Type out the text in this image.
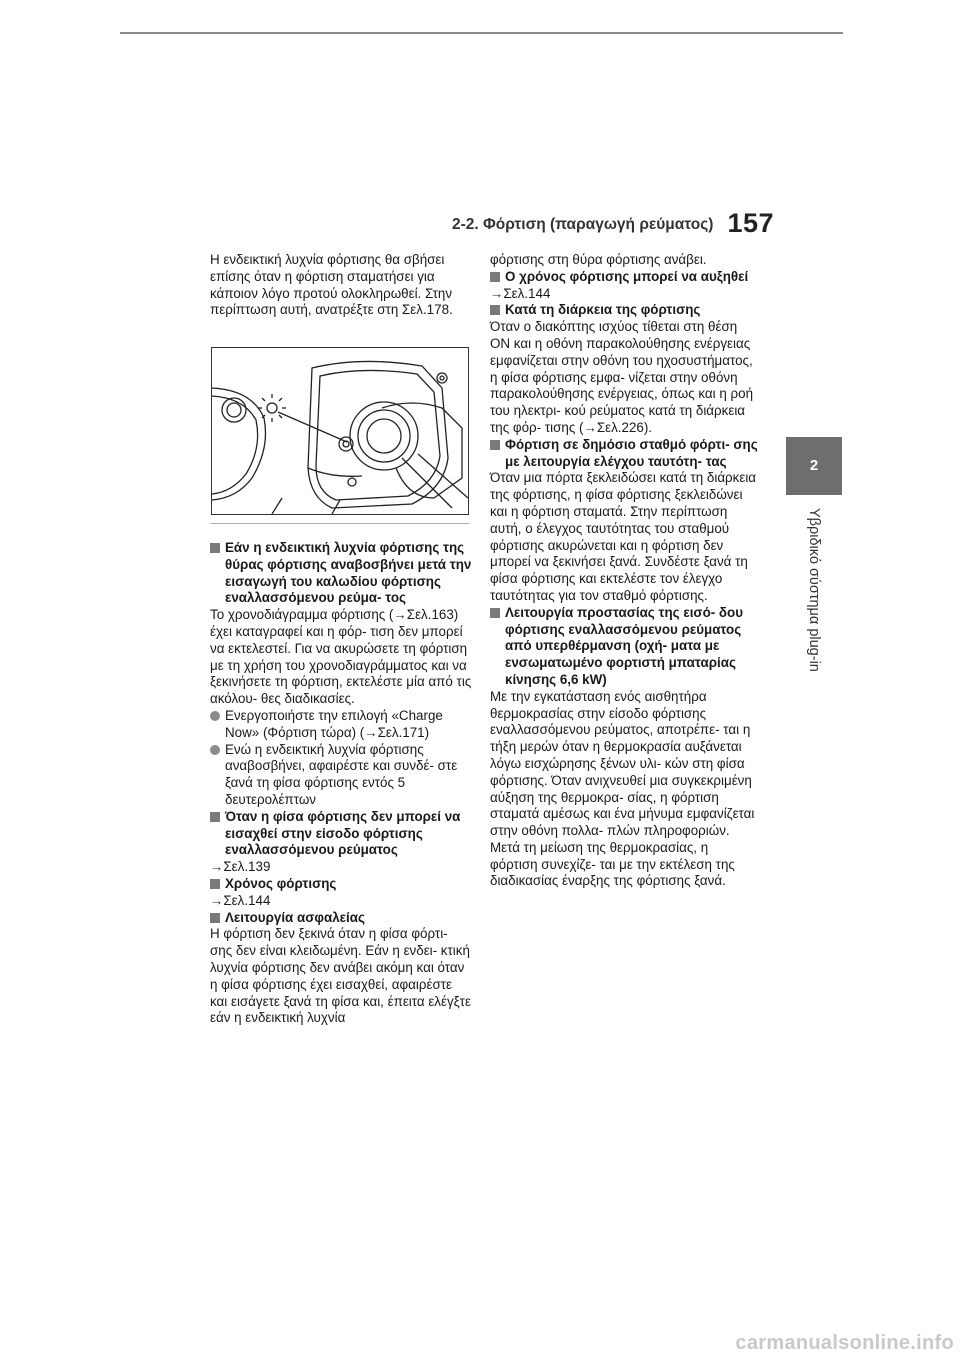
2-2. Φόρτιση (παραγωγή ρεύματος) 157
2
Υβριδικό σύστημα plug-in

Η ενδεικτική λυχνία φόρτισης θα σβήσει επίσης όταν η φόρτιση σταματήσει για κάποιον λόγο προτού ολοκληρωθεί. Στην περίπτωση αυτή, ανατρέξτε στη Σελ.178.

Εάν η ενδεικτική λυχνία φόρτισης της θύρας φόρτισης αναβοσβήνει μετά την εισαγωγή του καλωδίου φόρτισης εναλλασσόμενου ρεύμα- τος

Το χρονοδιάγραμμα φόρτισης (→Σελ.163) έχει καταγραφεί και η φόρ- τιση δεν μπορεί να εκτελεστεί. Για να ακυρώσετε τη φόρτιση με τη χρήση του χρονοδιαγράμματος και να ξεκινήσετε τη φόρτιση, εκτελέστε μία από τις ακόλου- θες διαδικασίες.

Ενεργοποιήστε την επιλογή «Charge Now» (Φόρτιση τώρα) (→Σελ.171)

Ενώ η ενδεικτική λυχνία φόρτισης αναβοσβήνει, αφαιρέστε και συνδέ- στε ξανά τη φίσα φόρτισης εντός 5 δευτερολέπτων

Όταν η φίσα φόρτισης δεν μπορεί να εισαχθεί στην είσοδο φόρτισης εναλλασσόμενου ρεύματος

→Σελ.139

Χρόνος φόρτισης

→Σελ.144

Λειτουργία ασφαλείας

Η φόρτιση δεν ξεκινά όταν η φίσα φόρτι- σης δεν είναι κλειδωμένη. Εάν η ενδει- κτική λυχνία φόρτισης δεν ανάβει ακόμη και όταν η φίσα φόρτισης έχει εισαχθεί, αφαιρέστε και εισάγετε ξανά τη φίσα και, έπειτα ελέγξτε εάν η ενδεικτική λυχνία

φόρτισης στη θύρα φόρτισης ανάβει.

Ο χρόνος φόρτισης μπορεί να αυξηθεί

→Σελ.144

Κατά τη διάρκεια της φόρτισης

Όταν ο διακόπτης ισχύος τίθεται στη θέση ON και η οθόνη παρακολούθησης ενέργειας εμφανίζεται στην οθόνη του ηχοσυστήματος, η φίσα φόρτισης εμφα- νίζεται στην οθόνη παρακολούθησης ενέργειας, όπως και η ροή του ηλεκτρι- κού ρεύματος κατά τη διάρκεια της φόρ- τισης (→Σελ.226).

Φόρτιση σε δημόσιο σταθμό φόρτι- σης με λειτουργία ελέγχου ταυτότη- τας

Όταν μια πόρτα ξεκλειδώσει κατά τη διάρκεια της φόρτισης, η φίσα φόρτισης ξεκλειδώνει και η φόρτιση σταματά. Στην περίπτωση αυτή, ο έλεγχος ταυτότητας του σταθμού φόρτισης ακυρώνεται και η φόρτιση δεν μπορεί να ξεκινήσει ξανά. Συνδέστε ξανά τη φίσα φόρτισης και εκτελέστε τον έλεγχο ταυτότητας για τον σταθμό φόρτισης.

Λειτουργία προστασίας της εισό- δου φόρτισης εναλλασσόμενου ρεύματος από υπερθέρμανση (οχή- ματα με ενσωματωμένο φορτιστή μπαταρίας κίνησης 6,6 kW)

Με την εγκατάσταση ενός αισθητήρα θερμοκρασίας στην είσοδο φόρτισης εναλλασσόμενου ρεύματος, αποτρέπε- ται η τήξη μερών όταν η θερμοκρασία αυξάνεται λόγω εισχώρησης ξένων υλι- κών στη φίσα φόρτισης. Όταν ανιχνευθεί μια συγκεκριμένη αύξηση της θερμοκρα- σίας, η φόρτιση σταματά αμέσως και ένα μήνυμα εμφανίζεται στην οθόνη πολλα- πλών πληροφοριών. Μετά τη μείωση της θερμοκρασίας, η φόρτιση συνεχίζε- ται με την εκτέλεση της διαδικασίας έναρξης της φόρτισης ξανά.

carmanualsonline.info
